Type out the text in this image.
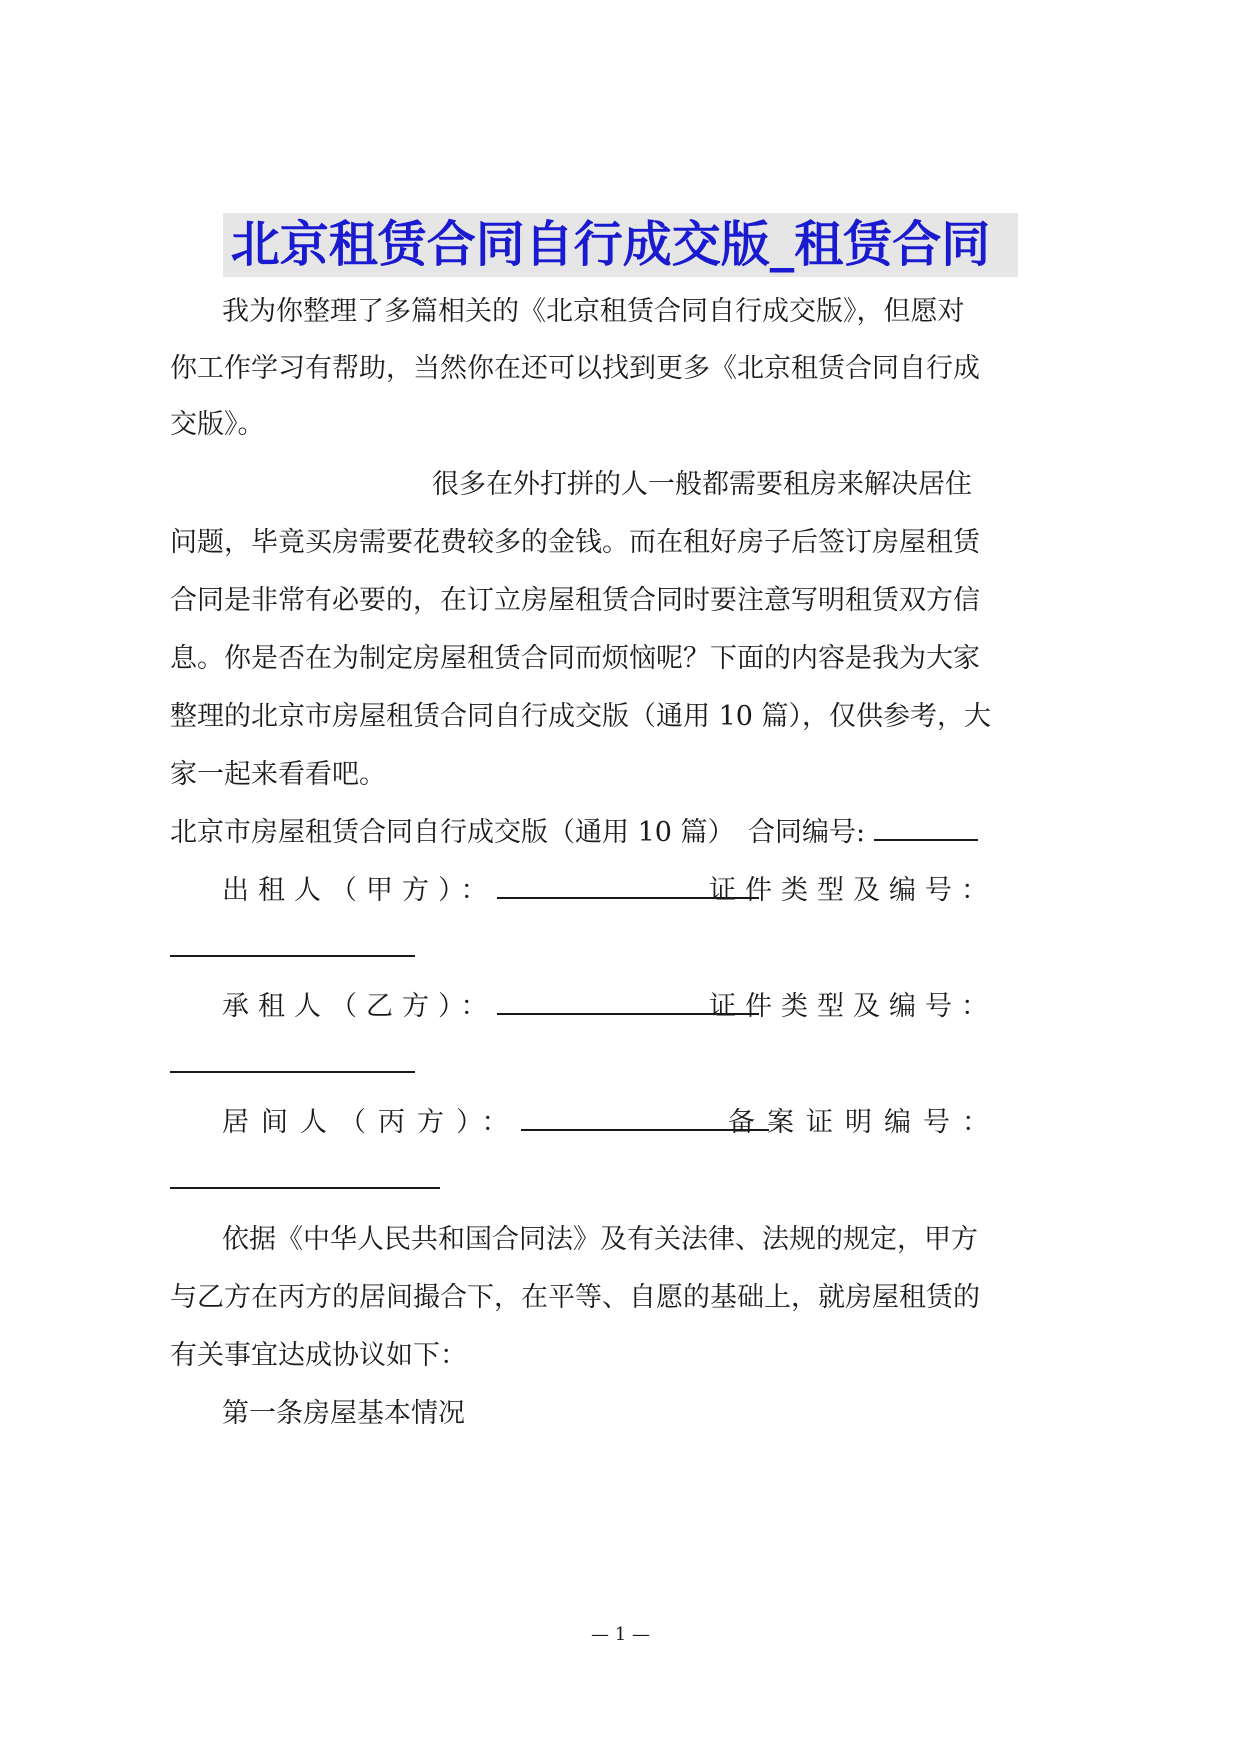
北京租赁合同自行成交版_租赁合同
我为你整理了多篇相关的《北京租赁合同自行成交版》，但愿对
你工作学习有帮助，当然你在还可以找到更多《北京租赁合同自行成
交版》。
很多在外打拼的人一般都需要租房来解决居住
问题，毕竟买房需要花费较多的金钱。而在租好房子后签订房屋租赁
合同是非常有必要的，在订立房屋租赁合同时要注意写明租赁双方信
息。你是否在为制定房屋租赁合同而烦恼呢？下面的内容是我为大家
整理的北京市房屋租赁合同自行成交版（通用 10 篇），仅供参考，大
家一起来看看吧。
北京市房屋租赁合同自行成交版（通用 10 篇） 合同编号:
出租人（甲方）：	证件类型及编号：
承租人（乙方）：	证件类型及编号：
居间人（丙方）：	备案证明编号：
依据《中华人民共和国合同法》及有关法律、法规的规定，甲方
与乙方在丙方的居间撮合下，在平等、自愿的基础上，就房屋租赁的
有关事宜达成协议如下：
第一条房屋基本情况
— 1 —
